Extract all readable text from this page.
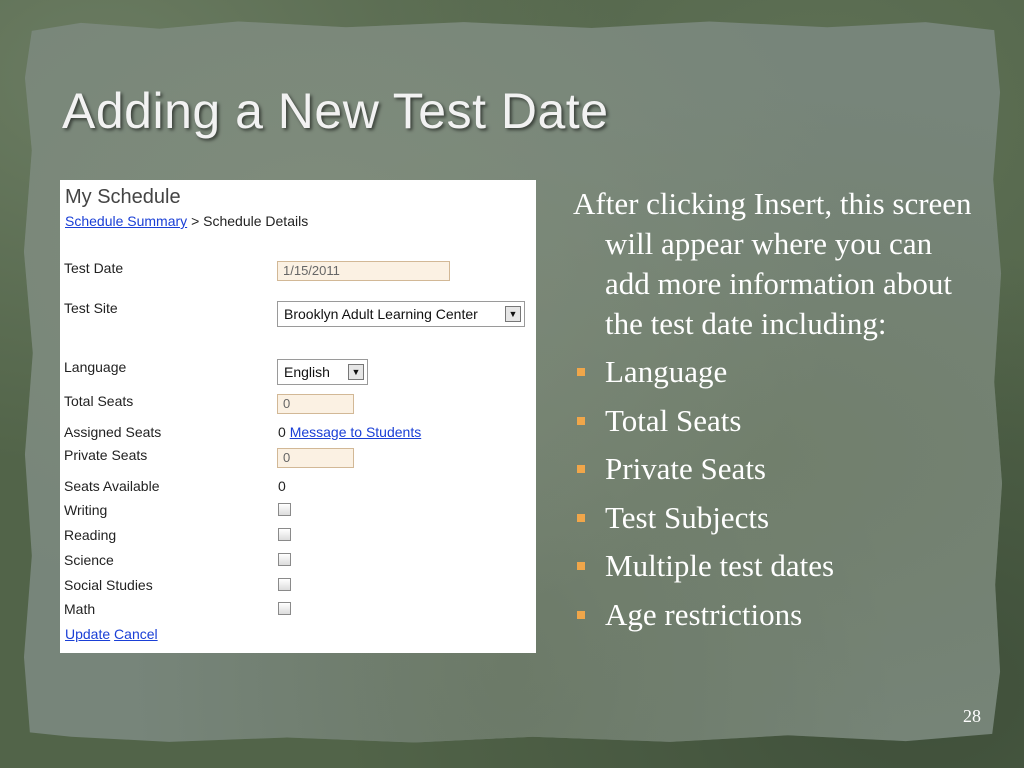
Adding a New Test Date
My Schedule
Schedule Summary > Schedule Details
Test Date	1/15/2011
Test Site	Brooklyn Adult Learning Center	▼
Language	English	▼
Total Seats	0
Assigned Seats	0 Message to Students
Private Seats	0
Seats Available	0
Writing
Reading
Science
Social Studies
Math
Update Cancel

After clicking Insert, this screen will appear where you can add more information about the test date including:

Language
Total Seats
Private Seats
Test Subjects
Multiple test dates
Age restrictions
28
